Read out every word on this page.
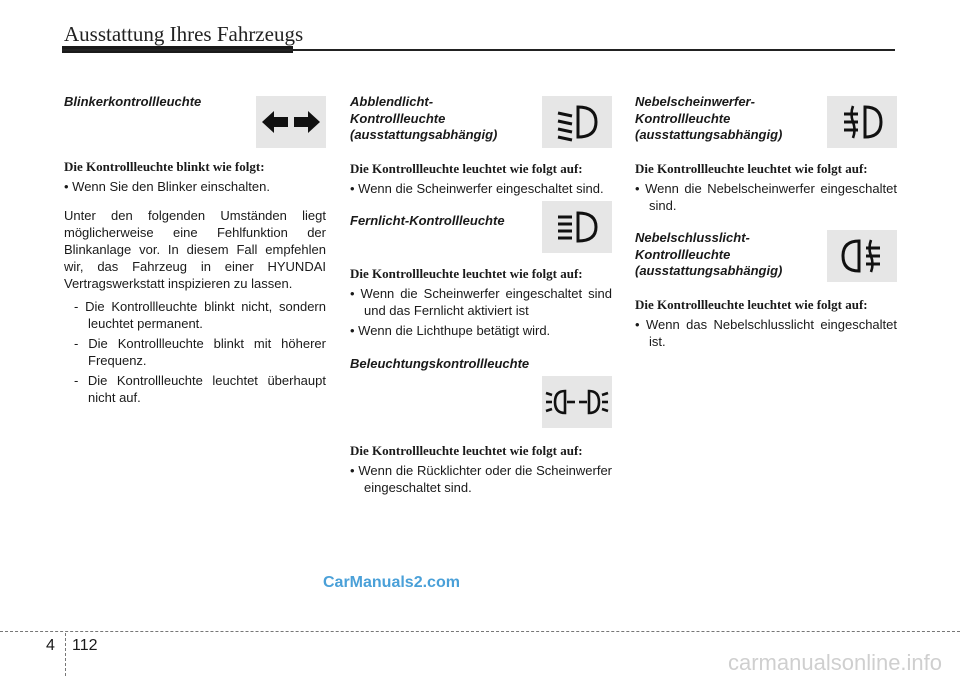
Ausstattung Ihres Fahrzeugs
Blinkerkontrollleuchte
Die Kontrollleuchte blinkt wie folgt:
• Wenn Sie den Blinker einschalten.
Unter den folgenden Umständen liegt möglicherweise eine Fehlfunktion der Blinkanlage vor. In diesem Fall empfehlen wir, das Fahrzeug in einer HYUNDAI Vertragswerkstatt inspizieren zu lassen.
- Die Kontrollleuchte blinkt nicht, sondern leuchtet permanent.
- Die Kontrollleuchte blinkt mit höherer Frequenz.
- Die Kontrollleuchte leuchtet überhaupt nicht auf.
Abblendlicht-Kontrollleuchte (ausstattungsabhängig)
Die Kontrollleuchte leuchtet wie folgt auf:
• Wenn die Scheinwerfer eingeschaltet sind.
Fernlicht-Kontrollleuchte
Die Kontrollleuchte leuchtet wie folgt auf:
• Wenn die Scheinwerfer eingeschaltet sind und das Fernlicht aktiviert ist
• Wenn die Lichthupe betätigt wird.
Beleuchtungskontrollleuchte
Die Kontrollleuchte leuchtet wie folgt auf:
• Wenn die Rücklichter oder die Scheinwerfer eingeschaltet sind.
Nebelscheinwerfer-Kontrollleuchte (ausstattungsabhängig)
Die Kontrollleuchte leuchtet wie folgt auf:
• Wenn die Nebelscheinwerfer eingeschaltet sind.
Nebelschlusslicht-Kontrollleuchte (ausstattungsabhängig)
Die Kontrollleuchte leuchtet wie folgt auf:
• Wenn das Nebelschlusslicht eingeschaltet ist.
CarManuals2.com
4 112
carmanualsonline.info
